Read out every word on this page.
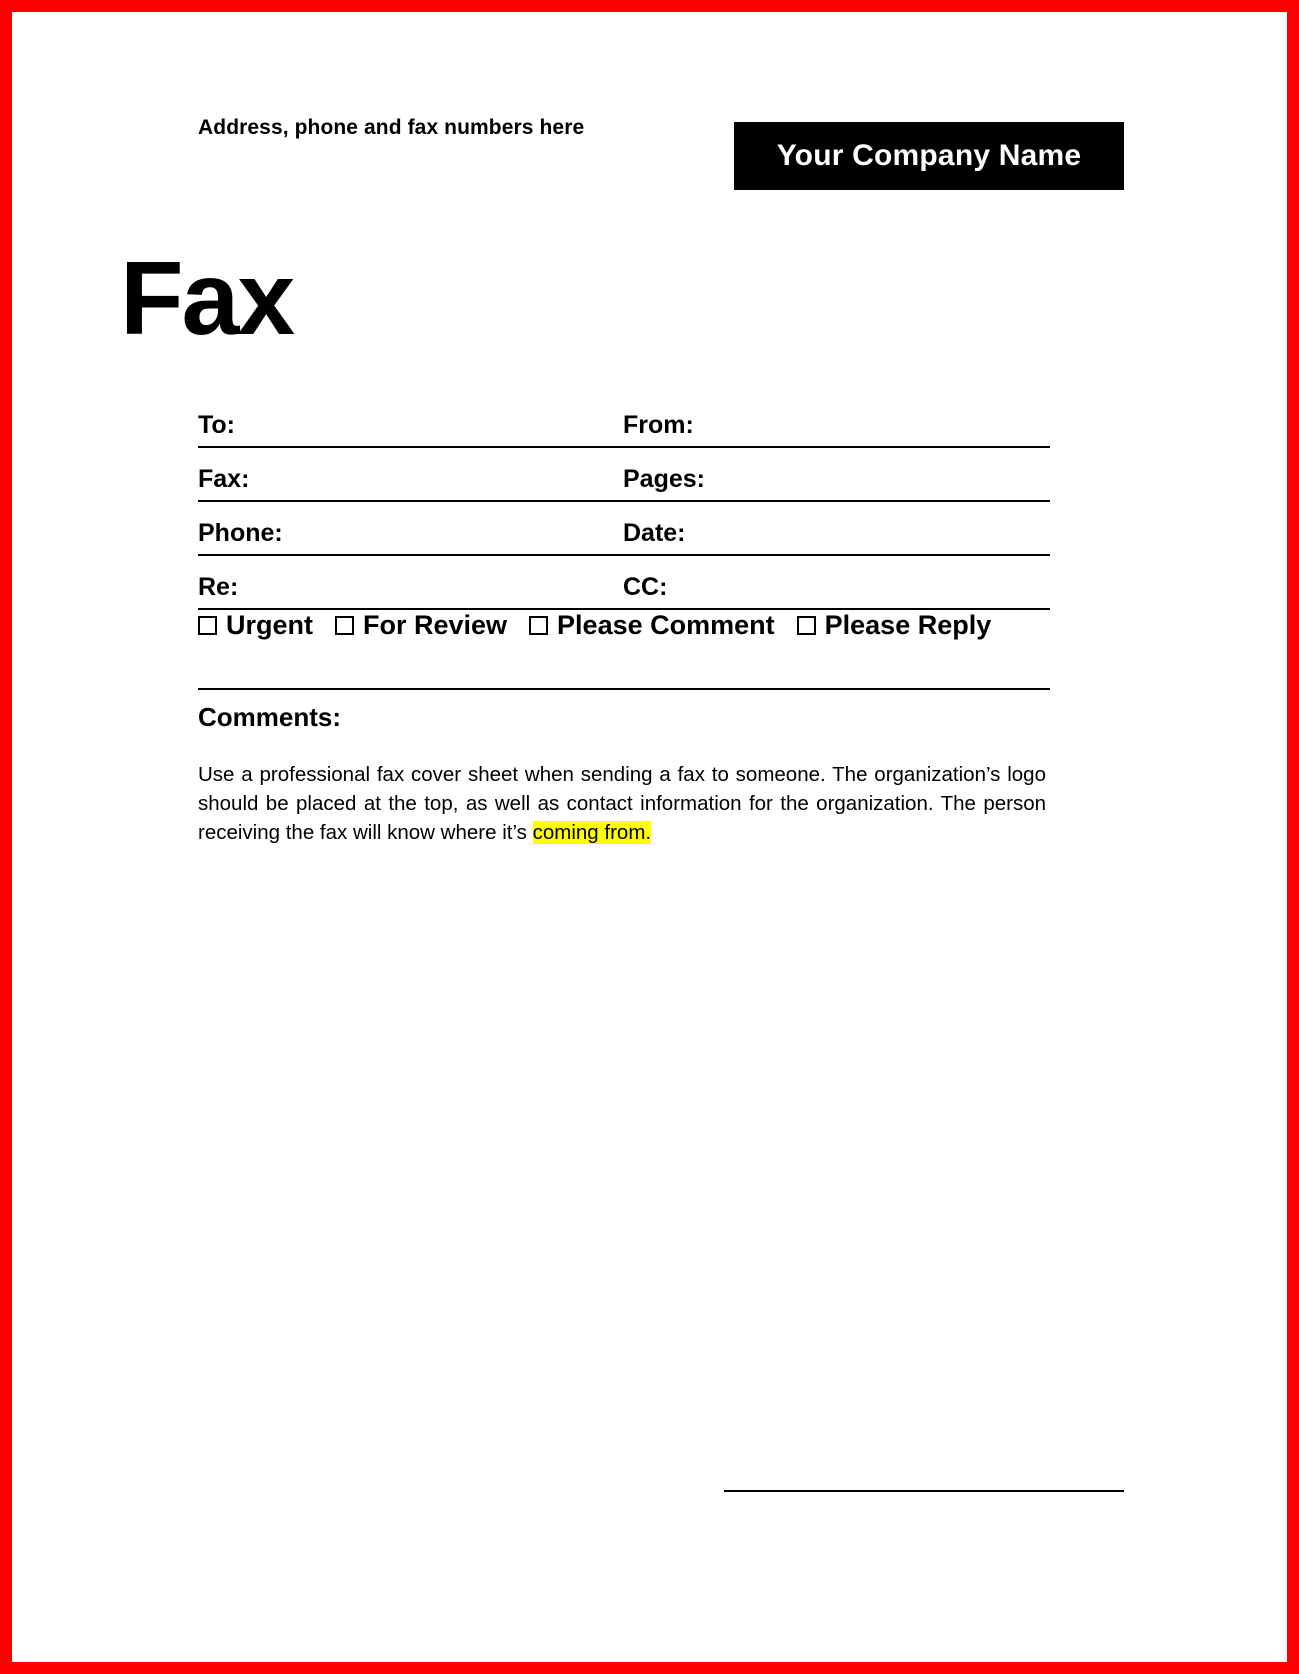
Address, phone and fax numbers here
Your Company Name
Fax
To:	From:
Fax:	Pages:
Phone:	Date:
Re:	CC:
Urgent For Review Please Comment Please Reply
Comments:
Use a professional fax cover sheet when sending a fax to someone. The organization’s logo should be placed at the top, as well as contact information for the organization. The person receiving the fax will know where it’s coming from.
